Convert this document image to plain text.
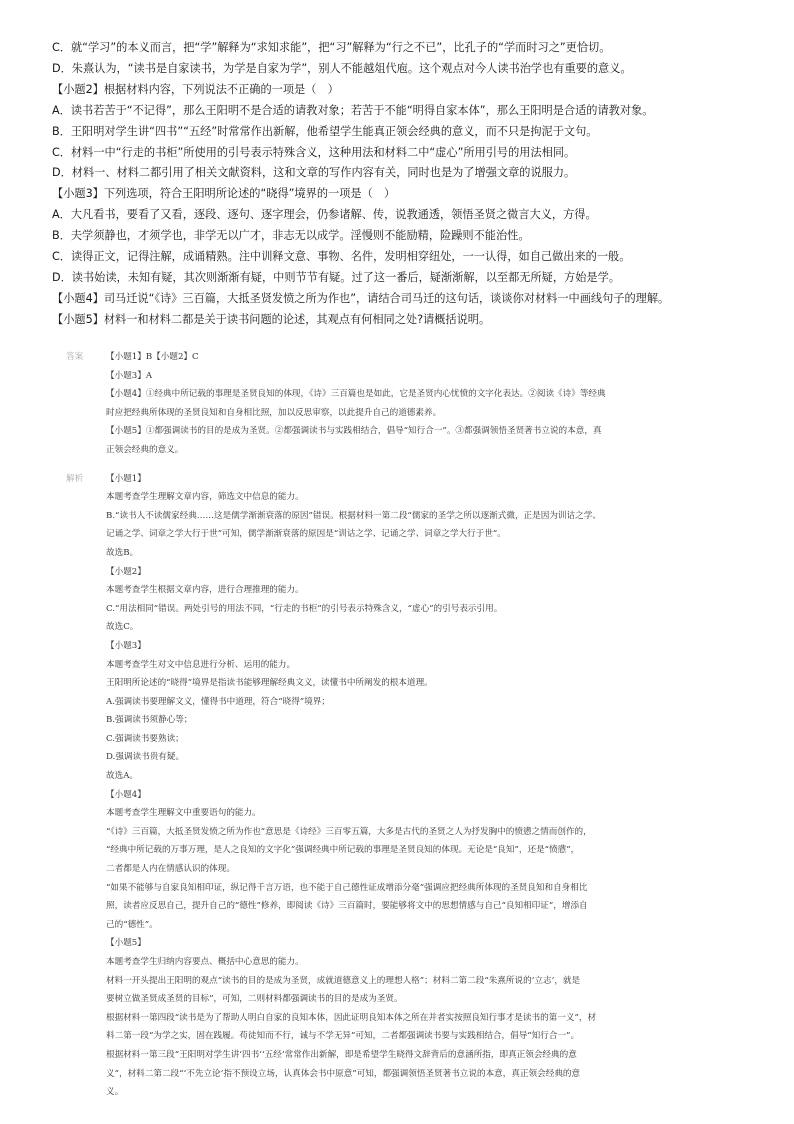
C．就“学习”的本义而言，把“学”解释为“求知求能”，把“习”解释为“行之不已”，比孔子的“学而时习之”更恰切。
D．朱熹认为，“读书是自家读书，为学是自家为学”，别人不能越俎代庖。这个观点对今人读书治学也有重要的意义。
【小题2】根据材料内容，下列说法不正确的一项是（　）
A．读书若苦于“不记得”，那么王阳明不是合适的请教对象；若苦于不能“明得自家本体”，那么王阳明是合适的请教对象。
B．王阳明对学生讲“四书”“五经”时常常作出新解，他希望学生能真正领会经典的意义，而不只是拘泥于文句。
C．材料一中“行走的书柜”所使用的引号表示特殊含义，这种用法和材料二中“虚心”所用引号的用法相同。
D．材料一、材料二都引用了相关文献资料，这和文章的写作内容有关，同时也是为了增强文章的说服力。
【小题3】下列选项，符合王阳明所论述的“晓得”境界的一项是（　）
A．大凡看书，要看了又看，逐段、逐句、逐字理会，仍参诸解、传，说教通透，领悟圣贤之微言大义，方得。
B．夫学须静也，才须学也，非学无以广才，非志无以成学。淫慢则不能励精，险躁则不能治性。
C．读得正文，记得注解，成诵精熟。注中训释文意、事物、名件，发明相穿纽处，一一认得，如自己做出来的一般。
D．读书始读，未知有疑，其次则渐渐有疑，中则节节有疑。过了这一番后，疑渐渐解，以至都无所疑，方始是学。
【小题4】司马迁说“《诗》三百篇，大抵圣贤发愤之所为作也”，请结合司马迁的这句话，谈谈你对材料一中画线句子的理解。
【小题5】材料一和材料二都是关于读书问题的论述，其观点有何相同之处?请概括说明。
答案	【小题1】B【小题2】C
【小题3】A
【小题4】①经典中所记载的事理是圣贤良知的体现，《诗》三百篇也是如此，它是圣贤内心忧愤的文字化表达。②阅读《诗》等经典
时应把经典所体现的圣贤良知和自身相比照，加以反思审察，以此提升自己的道德素养。
【小题5】①都强调读书的目的是成为圣贤。②都强调读书与实践相结合，倡导“知行合一”。③都强调领悟圣贤著书立说的本意，真
正领会经典的意义。
解析	【小题1】
本题考查学生理解文章内容，筛选文中信息的能力。
B.“读书人不读儒家经典……这是儒学渐渐衰落的原因”错误。根据材料一第二段“儒家的圣学之所以逐渐式微，正是因为训诂之学、
记诵之学、词章之学大行于世”可知，儒学渐渐衰落的原因是“训诂之学、记诵之学、词章之学大行于世”。
故选B。
【小题2】
本题考查学生根据文章内容，进行合理推理的能力。
C.“用法相同”错误。两处引号的用法不同，“行走的书柜”的引号表示特殊含义，“虚心”的引号表示引用。
故选C。
【小题3】
本题考查学生对文中信息进行分析、运用的能力。
王阳明所论述的“晓得”境界是指读书能够理解经典文义，读懂书中所阐发的根本道理。
A.强调读书要理解文义，懂得书中道理，符合“晓得”境界；
B.强调读书须静心等；
C.强调读书要熟读；
D.强调读书贵有疑。
故选A。
【小题4】
本题考查学生理解文中重要语句的能力。
“《诗》三百篇，大抵圣贤发愤之所为作也”意思是《诗经》三百零五篇，大多是古代的圣贤之人为抒发胸中的愤懑之情而创作的，
“经典中所记载的万事万理，是人之良知的文字化”强调经典中所记载的事理是圣贤良知的体现。无论是“良知”，还是“愤懑”，
二者都是人内在情感认识的体现。
“如果不能够与自家良知相印证，纵记得千言万语，也不能于自己德性证成增添分毫”强调应把经典所体现的圣贤良知和自身相比
照，读者应反思自己，提升自己的“德性”修养，即阅读《诗》三百篇时，要能够将文中的思想情感与自己“良知相印证”，增添自
己的“德性”。
【小题5】
本题考查学生归纳内容要点、概括中心意思的能力。
材料一开头提出王阳明的观点“读书的目的是成为圣贤，成就道德意义上的理想人格”；材料二第二段“朱熹所说的‘立志’，就是
要树立做圣贤成圣贤的目标”，可知，二则材料都强调读书的目的是成为圣贤。
根据材料一第四段“读书是为了帮助人明白自家的良知本体，因此证明良知本体之所在并者实按照良知行事才是读书的第一义”，材
料二第一段“为学之实，固在践履。苟徒知而不行，诚与不学无异”可知，二者都强调读书要与实践相结合，倡导“知行合一”。
根据材料一第三段“王阳明对学生讲‘四书’‘五经’常常作出新解，即是希望学生晓得文辞背后的意涵所指，即真正领会经典的意
义”，材料二第二段“‘不先立论’指不预设立场，认真体会书中原意”可知，都强调领悟圣贤著书立说的本意，真正领会经典的意
义。
